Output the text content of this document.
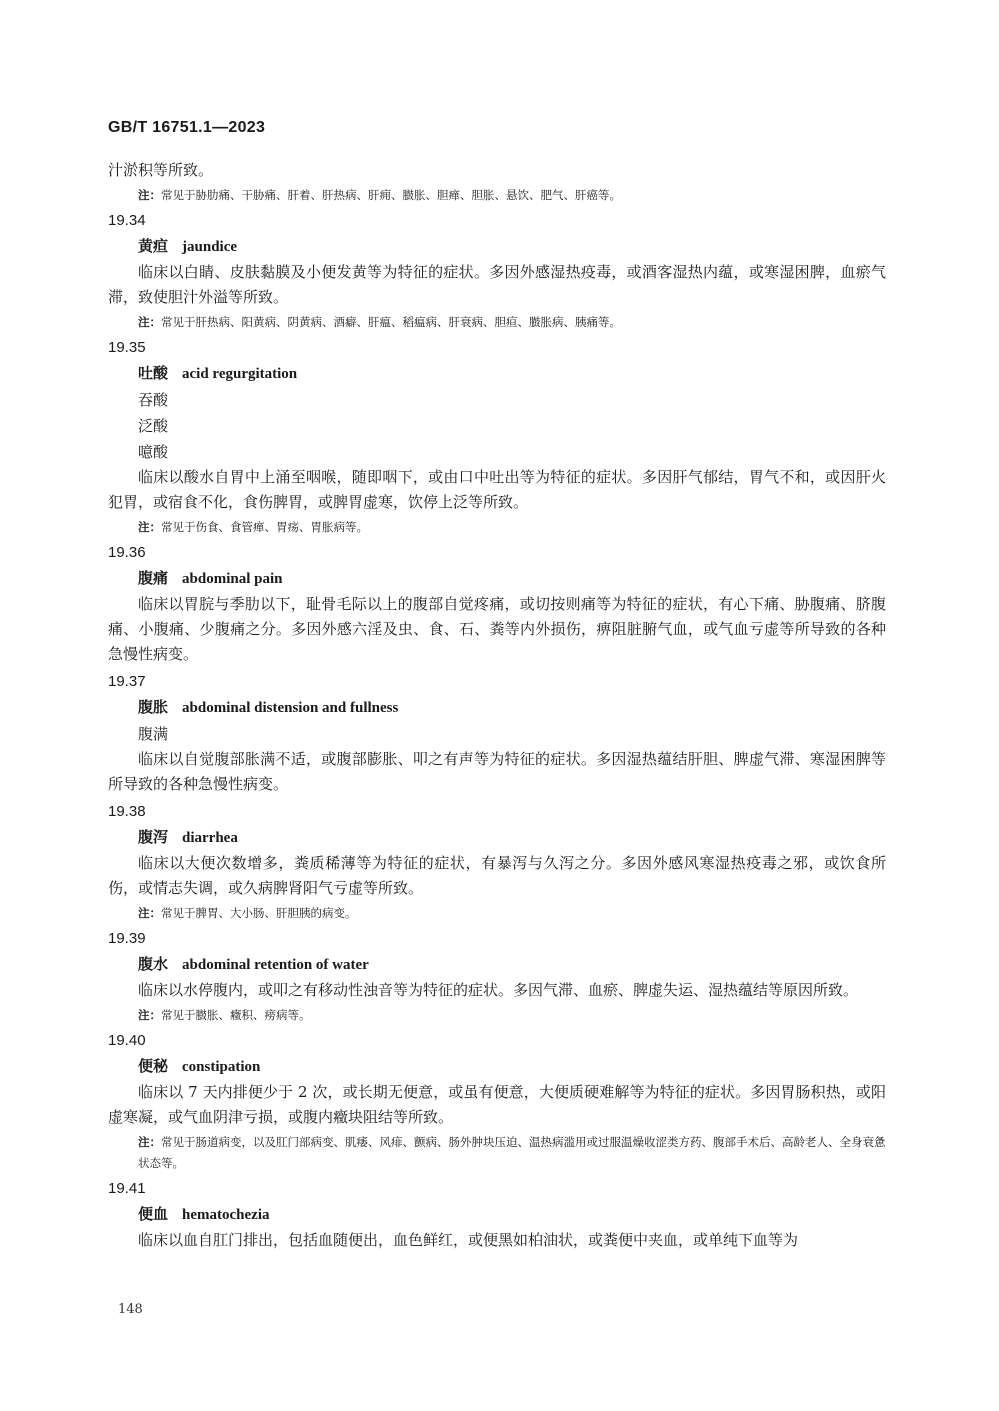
GB/T 16751.1—2023

汁淤积等所致。

注：常见于胁肋痛、干胁痛、肝着、肝热病、肝痈、臌胀、胆瘅、胆胀、悬饮、肥气、肝癌等。
19.34
黄疸 jaundice

临床以白睛、皮肤黏膜及小便发黄等为特征的症状。多因外感湿热疫毒，或酒客湿热内蕴，或寒湿困脾，血瘀气滞，致使胆汁外溢等所致。

注：常见于肝热病、阳黄病、阴黄病、酒癖、肝瘟、稻瘟病、肝衰病、胆疸、臌胀病、胰痛等。
19.35
吐酸 acid regurgitation
吞酸
泛酸
噫酸

临床以酸水自胃中上涌至咽喉，随即咽下，或由口中吐出等为特征的症状。多因肝气郁结，胃气不和，或因肝火犯胃，或宿食不化，食伤脾胃，或脾胃虚寒，饮停上泛等所致。

注：常见于伤食、食管瘅、胃疡、胃胀病等。
19.36
腹痛 abdominal pain

临床以胃脘与季肋以下，耻骨毛际以上的腹部自觉疼痛，或切按则痛等为特征的症状，有心下痛、胁腹痛、脐腹痛、小腹痛、少腹痛之分。多因外感六淫及虫、食、石、粪等内外损伤，痹阻脏腑气血，或气血亏虚等所导致的各种急慢性病变。

19.37
腹胀 abdominal distension and fullness
腹满

临床以自觉腹部胀满不适，或腹部膨胀、叩之有声等为特征的症状。多因湿热蕴结肝胆、脾虚气滞、寒湿困脾等所导致的各种急慢性病变。

19.38
腹泻 diarrhea

临床以大便次数增多，粪质稀薄等为特征的症状，有暴泻与久泻之分。多因外感风寒湿热疫毒之邪，或饮食所伤，或情志失调，或久病脾肾阳气亏虚等所致。

注：常见于脾胃、大小肠、肝胆胰的病变。
19.39
腹水 abdominal retention of water

临床以水停腹内，或叩之有移动性浊音等为特征的症状。多因气滞、血瘀、脾虚失运、湿热蕴结等原因所致。

注：常见于臌胀、癥积、痨病等。
19.40
便秘 constipation

临床以 7 天内排便少于 2 次，或长期无便意，或虽有便意，大便质硬难解等为特征的症状。多因胃肠积热，或阳虚寒凝，或气血阴津亏损，或腹内癥块阻结等所致。

注：常见于肠道病变，以及肛门部病变、肌痿、风痱、颤病、肠外肿块压迫、温热病滥用或过服温燥收涩类方药、腹部手术后、高龄老人、全身衰惫状态等。
19.41
便血 hematochezia

临床以血自肛门排出，包括血随便出，血色鲜红，或便黑如柏油状，或粪便中夹血，或单纯下血等为

148
